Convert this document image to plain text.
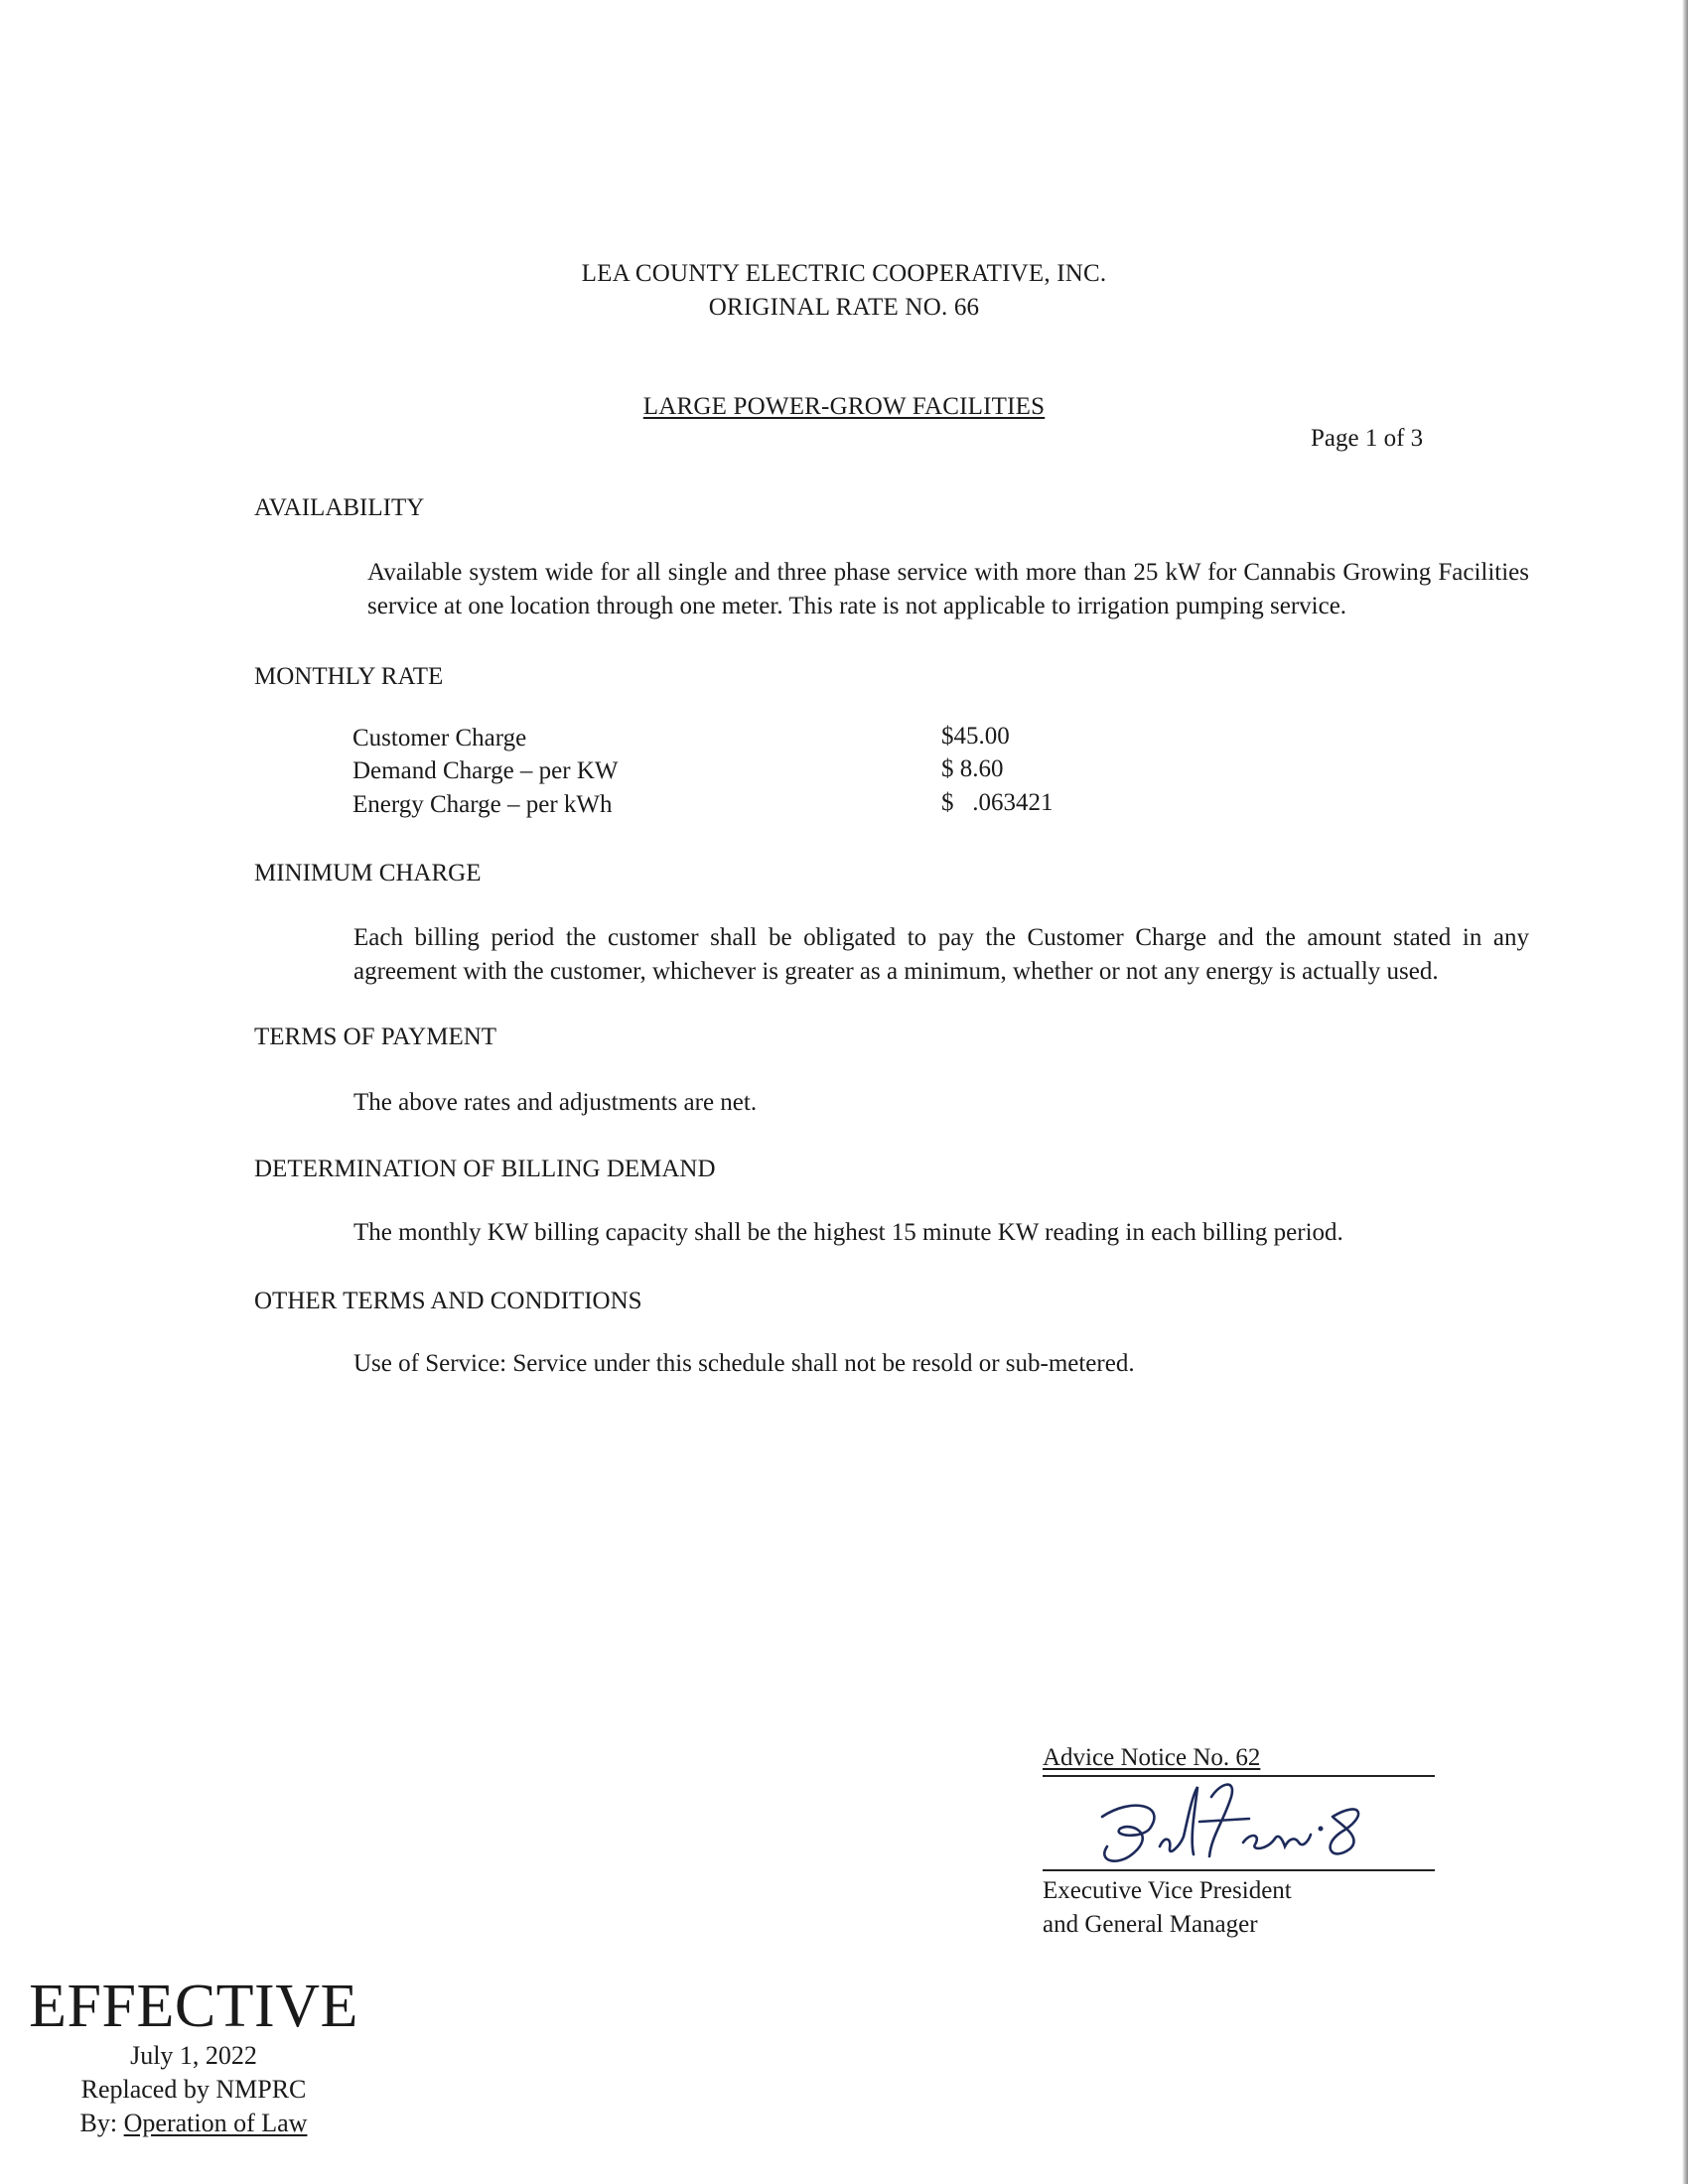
LEA COUNTY ELECTRIC COOPERATIVE, INC.
ORIGINAL RATE NO. 66
LARGE POWER-GROW FACILITIES
Page 1 of 3
AVAILABILITY
Available system wide for all single and three phase service with more than 25 kW for Cannabis Growing Facilities service at one location through one meter. This rate is not applicable to irrigation pumping service.
MONTHLY RATE
Customer Charge	$45.00
Demand Charge – per KW	$ 8.60
Energy Charge – per kWh	$   .063421
MINIMUM CHARGE
Each billing period the customer shall be obligated to pay the Customer Charge and the amount stated in any agreement with the customer, whichever is greater as a minimum, whether or not any energy is actually used.
TERMS OF PAYMENT
The above rates and adjustments are net.
DETERMINATION OF BILLING DEMAND
The monthly KW billing capacity shall be the highest 15 minute KW reading in each billing period.
OTHER TERMS AND CONDITIONS
Use of Service: Service under this schedule shall not be resold or sub-metered.
Advice Notice No. 62
Executive Vice President
and General Manager
EFFECTIVE
July 1, 2022
Replaced by NMPRC
By: Operation of Law
